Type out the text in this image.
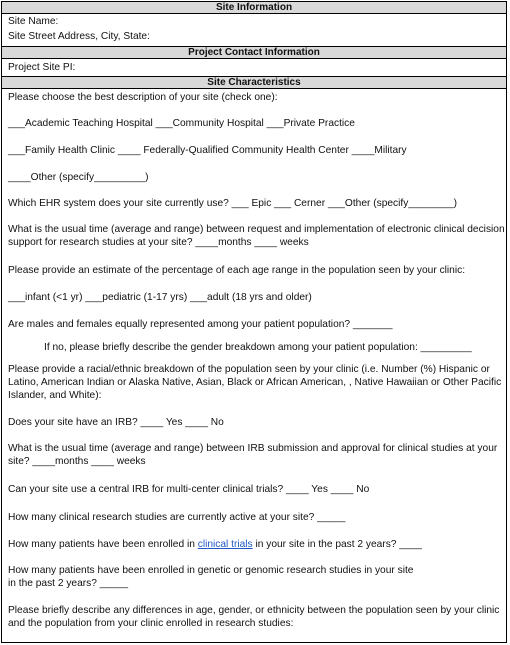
Site Information
Site Name:
Site Street Address, City, State:
Project Contact Information
Project Site PI:
Site Characteristics
Please choose the best description of your site (check one):
___Academic Teaching Hospital ___Community Hospital ___Private Practice
___Family Health Clinic ____ Federally-Qualified Community Health Center ____Military
____Other (specify_________)
Which EHR system does your site currently use? ___ Epic ___ Cerner ___Other (specify________)
What is the usual time (average and range) between request and implementation of electronic clinical decision
support for research studies at your site? ____months ____ weeks
Please provide an estimate of the percentage of each age range in the population seen by your clinic:
___infant (<1 yr) ___pediatric (1-17 yrs) ___adult (18 yrs and older)
Are males and females equally represented among your patient population? _______
If no, please briefly describe the gender breakdown among your patient population: _________
Please provide a racial/ethnic breakdown of the population seen by your clinic (i.e. Number (%) Hispanic or
Latino, American Indian or Alaska Native, Asian, Black or African American, , Native Hawaiian or Other Pacific
Islander, and White):
Does your site have an IRB? ____ Yes ____ No
What is the usual time (average and range) between IRB submission and approval for clinical studies at your
site? ____months ____ weeks
Can your site use a central IRB for multi-center clinical trials? ____ Yes ____ No
How many clinical research studies are currently active at your site? _____
How many patients have been enrolled in clinical trials in your site in the past 2 years? ____
How many patients have been enrolled in genetic or genomic research studies in your site
in the past 2 years? _____
Please briefly describe any differences in age, gender, or ethnicity between the population seen by your clinic
and the population from your clinic enrolled in research studies:
